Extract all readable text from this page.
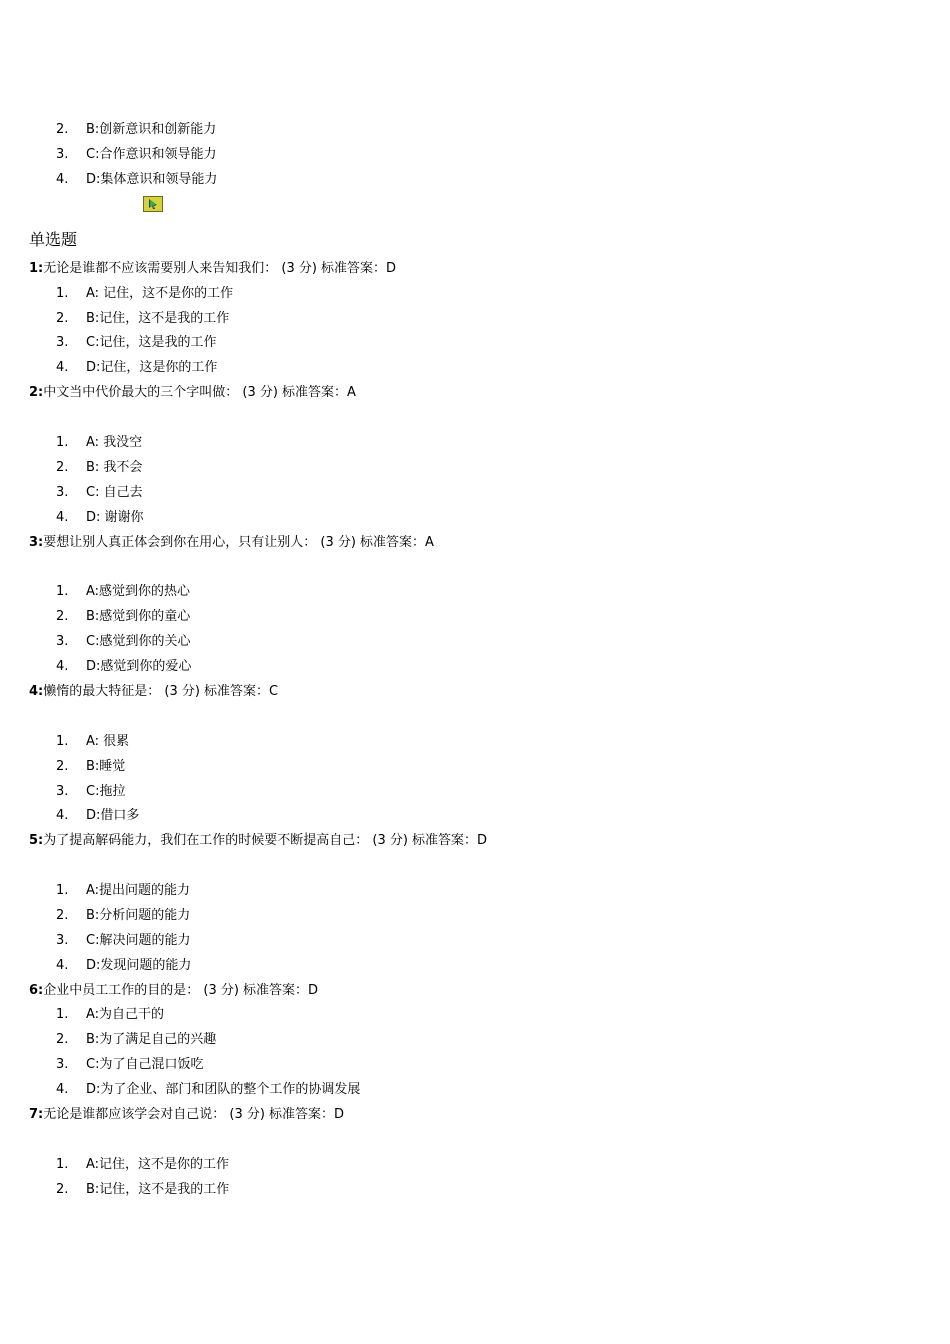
2.	B:创新意识和创新能力
3.	C:合作意识和领导能力
4.	D:集体意识和领导能力
单选题
1:无论是谁都不应该需要别人来告知我们： (3 分) 标准答案：D
1.	A: 记住，这不是你的工作
2.	B:记住，这不是我的工作
3.	C:记住，这是我的工作
4.	D:记住，这是你的工作
2:中文当中代价最大的三个字叫做： (3 分) 标准答案：A
1.	A: 我没空
2.	B: 我不会
3.	C: 自己去
4.	D: 谢谢你
3:要想让别人真正体会到你在用心，只有让别人： (3 分) 标准答案：A
1.	A:感觉到你的热心
2.	B:感觉到你的童心
3.	C:感觉到你的关心
4.	D:感觉到你的爱心
4:懒惰的最大特征是： (3 分) 标准答案：C
1.	A: 很累
2.	B:睡觉
3.	C:拖拉
4.	D:借口多
5:为了提高解码能力，我们在工作的时候要不断提高自己： (3 分) 标准答案：D
1.	A:提出问题的能力
2.	B:分析问题的能力
3.	C:解决问题的能力
4.	D:发现问题的能力
6:企业中员工工作的目的是： (3 分) 标准答案：D
1.	A:为自己干的
2.	B:为了满足自己的兴趣
3.	C:为了自己混口饭吃
4.	D:为了企业、部门和团队的整个工作的协调发展
7:无论是谁都应该学会对自己说： (3 分) 标准答案：D
1.	A:记住，这不是你的工作
2.	B:记住，这不是我的工作
